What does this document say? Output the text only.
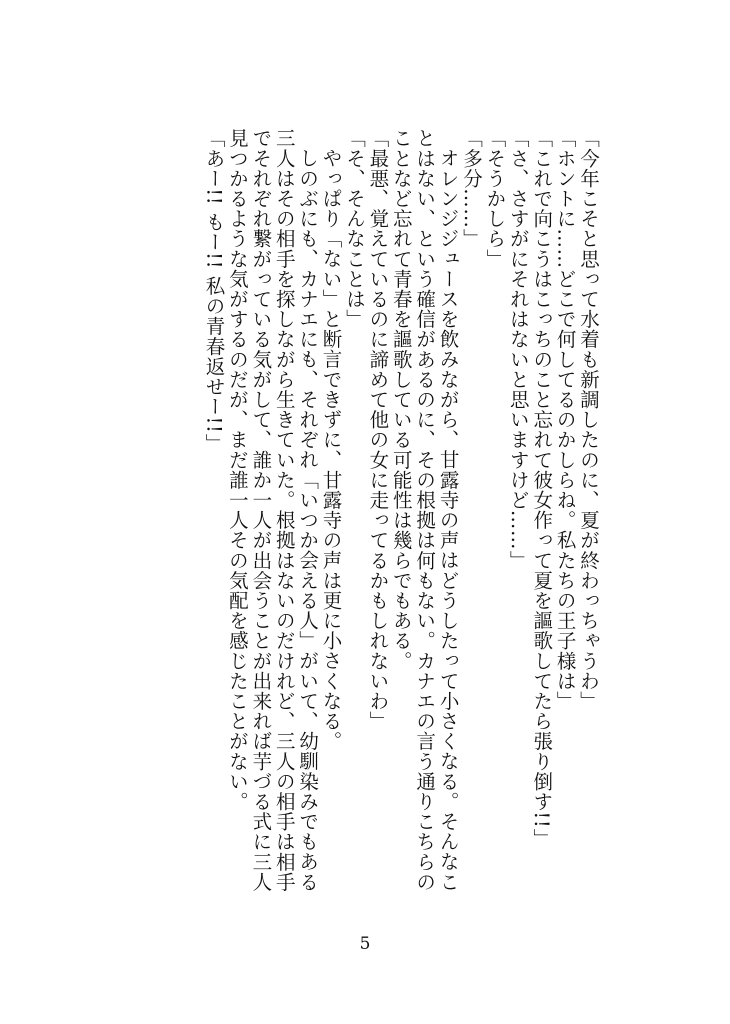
「今年こそと思って水着も新調したのに、夏が終わっちゃうわ」
「ホントに……どこで何してるのかしらね。私たちの王子様は」
「これで向こうはこっちのこと忘れて彼女作って夏を謳歌してたら張り倒す!!」
「さ、さすがにそれはないと思いますけど……」
「そうかしら」
「多分……」
オレンジジュースを飲みながら、甘露寺の声はどうしたって小さくなる。そんなことはない、という確信があるのに、その根拠は何もない。カナエの言う通りこちらのことなど忘れて青春を謳歌している可能性は幾らでもある。
「最悪、覚えているのに諦めて他の女に走ってるかもしれないわ」
「そ、そんなことは」
やっぱり「ない」と断言できずに、甘露寺の声は更に小さくなる。
しのぶにも、カナエにも、それぞれ「いつか会える人」がいて、幼馴染みでもある三人はその相手を探しながら生きていた。根拠はないのだけれど、三人の相手は相手でそれぞれ繋がっている気がして、誰か一人が出会うことが出来れば芋づる式に三人見つかるような気がするのだが、まだ誰一人その気配を感じたことがない。
「あー!! もー!! 私の青春返せー!!」
5
